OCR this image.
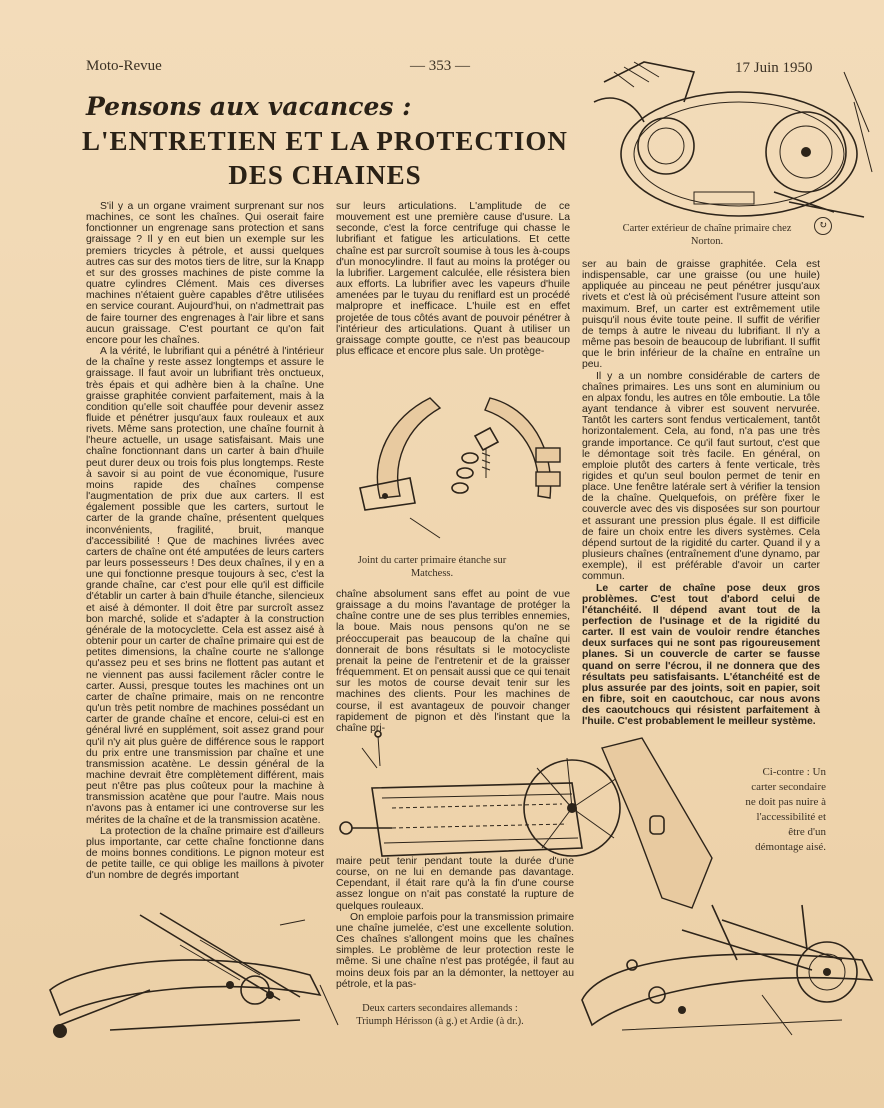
Moto-Revue	— 353 —	17 Juin 1950
Pensons aux vacances :
L'ENTRETIEN ET LA PROTECTION
DES CHAINES
Carter extérieur de chaîne primaire chez Norton.
↻

S'il y a un organe vraiment surprenant sur nos machines, ce sont les chaînes. Qui oserait faire fonctionner un engrenage sans protection et sans graissage ? Il y en eut bien un exemple sur les premiers tricycles à pétrole, et aussi quelques autres cas sur des motos tiers de litre, sur la Knapp et sur des grosses machines de piste comme la quatre cylindres Clément. Mais ces diverses machines n'étaient guère capables d'être utilisées en service courant. Aujourd'hui, on n'admettrait pas de faire tourner des engrenages à l'air libre et sans aucun graissage. C'est pourtant ce qu'on fait encore pour les chaînes.

A la vérité, le lubrifiant qui a pénétré à l'intérieur de la chaîne y reste assez longtemps et assure le graissage. Il faut avoir un lubrifiant très onctueux, très épais et qui adhère bien à la chaîne. Une graisse graphitée convient parfaitement, mais à la condition qu'elle soit chauffée pour devenir assez fluide et pénétrer jusqu'aux faux rouleaux et aux rivets. Même sans protection, une chaîne fournit à l'heure actuelle, un usage satisfaisant. Mais une chaîne fonctionnant dans un carter à bain d'huile peut durer deux ou trois fois plus longtemps. Reste à savoir si au point de vue économique, l'usure moins rapide des chaînes compense l'augmentation de prix due aux carters. Il est également possible que les carters, surtout le carter de la grande chaîne, présentent quelques inconvénients, fragilité, bruit, manque d'accessibilité ! Que de machines livrées avec carters de chaîne ont été amputées de leurs carters par leurs possesseurs ! Des deux chaînes, il y en a une qui fonctionne presque toujours à sec, c'est la grande chaîne, car c'est pour elle qu'il est difficile d'établir un carter à bain d'huile étanche, silencieux et aisé à démonter. Il doit être par surcroît assez bon marché, solide et s'adapter à la construction générale de la motocyclette. Cela est assez aisé à obtenir pour un carter de chaîne primaire qui est de petites dimensions, la chaîne courte ne s'allonge qu'assez peu et ses brins ne flottent pas autant et ne viennent pas aussi facilement râcler contre le carter. Aussi, presque toutes les machines ont un carter de chaîne primaire, mais on ne rencontre qu'un très petit nombre de machines possédant un carter de grande chaîne et encore, celui-ci est en général livré en supplément, soit assez grand pour qu'il n'y ait plus guère de différence sous le rapport du prix entre une transmission par chaîne et une transmission acatène. Le dessin général de la machine devrait être complètement différent, mais peut n'être pas plus coûteux pour la machine à transmission acatène que pour l'autre. Mais nous n'avons pas à entamer ici une controverse sur les mérites de la chaîne et de la transmission acatène.

La protection de la chaîne primaire est d'ailleurs plus importante, car cette chaîne fonctionne dans de moins bonnes conditions. Le pignon moteur est de petite taille, ce qui oblige les maillons à pivoter d'un nombre de degrés important

sur leurs articulations. L'amplitude de ce mouvement est une première cause d'usure. La seconde, c'est la force centrifuge qui chasse le lubrifiant et fatigue les articulations. Et cette chaîne est par surcroît soumise à tous les à-coups d'un monocylindre. Il faut au moins la protéger ou la lubrifier. Largement calculée, elle résistera bien aux efforts. La lubrifier avec les vapeurs d'huile amenées par le tuyau du reniflard est un procédé malpropre et inefficace. L'huile est en effet projetée de tous côtés avant de pouvoir pénétrer à l'intérieur des articulations. Quant à utiliser un graissage compte goutte, ce n'est pas beaucoup plus efficace et encore plus sale. Un protège-

Joint du carter primaire étanche sur Matchess.

chaîne absolument sans effet au point de vue graissage a du moins l'avantage de protéger la chaîne contre une de ses plus terribles ennemies, la boue. Mais nous pensons qu'on ne se préoccuperait pas beaucoup de la chaîne qui donnerait de bons résultats si le motocycliste prenait la peine de l'entretenir et de la graisser fréquemment. Et on pensait aussi que ce qui tenait sur les motos de course devait tenir sur les machines des clients. Pour les machines de course, il est avantageux de pouvoir changer rapidement de pignon et dès l'instant que la chaîne pri-

ser au bain de graisse graphitée. Cela est indispensable, car une graisse (ou une huile) appliquée au pinceau ne peut pénétrer jusqu'aux rivets et c'est là où précisément l'usure atteint son maximum. Bref, un carter est extrêmement utile puisqu'il nous évite toute peine. Il suffit de vérifier de temps à autre le niveau du lubrifiant. Il n'y a même pas besoin de beaucoup de lubrifiant. Il suffit que le brin inférieur de la chaîne en entraîne un peu.

Il y a un nombre considérable de carters de chaînes primaires. Les uns sont en aluminium ou en alpax fondu, les autres en tôle emboutie. La tôle ayant tendance à vibrer est souvent nervurée. Tantôt les carters sont fendus verticalement, tantôt horizontalement. Cela, au fond, n'a pas une très grande importance. Ce qu'il faut surtout, c'est que le démontage soit très facile. En général, on emploie plutôt des carters à fente verticale, très rigides et qu'un seul boulon permet de tenir en place. Une fenêtre latérale sert à vérifier la tension de la chaîne. Quelquefois, on préfère fixer le couvercle avec des vis disposées sur son pourtour et assurant une pression plus égale. Il est difficile de faire un choix entre les divers systèmes. Cela dépend surtout de la rigidité du carter. Quand il y a plusieurs chaînes (entraînement d'une dynamo, par exemple), il est préférable d'avoir un carter commun.

Le carter de chaîne pose deux gros problèmes. C'est tout d'abord celui de l'étanchéité. Il dépend avant tout de la perfection de l'usinage et de la rigidité du carter. Il est vain de vouloir rendre étanches deux surfaces qui ne sont pas rigoureusement planes. Si un couvercle de carter se fausse quand on serre l'écrou, il ne donnera que des résultats peu satisfaisants. L'étanchéité est de plus assurée par des joints, soit en papier, soit en fibre, soit en caoutchouc, car nous avons des caoutchoucs qui résistent parfaitement à l'huile. C'est probablement le meilleur système.

Ci-contre : Un carter secondaire ne doit pas nuire à l'accessibilité et être d'un démontage aisé.

maire peut tenir pendant toute la durée d'une course, on ne lui en demande pas davantage. Cependant, il était rare qu'à la fin d'une course assez longue on n'ait pas constaté la rupture de quelques rouleaux.

On emploie parfois pour la transmission primaire une chaîne jumelée, c'est une excellente solution. Ces chaînes s'allongent moins que les chaînes simples. Le problème de leur protection reste le même. Si une chaîne n'est pas protégée, il faut au moins deux fois par an la démonter, la nettoyer au pétrole, et la pas-

Deux carters secondaires allemands : Triumph Hérisson (à g.) et Ardie (à dr.).
